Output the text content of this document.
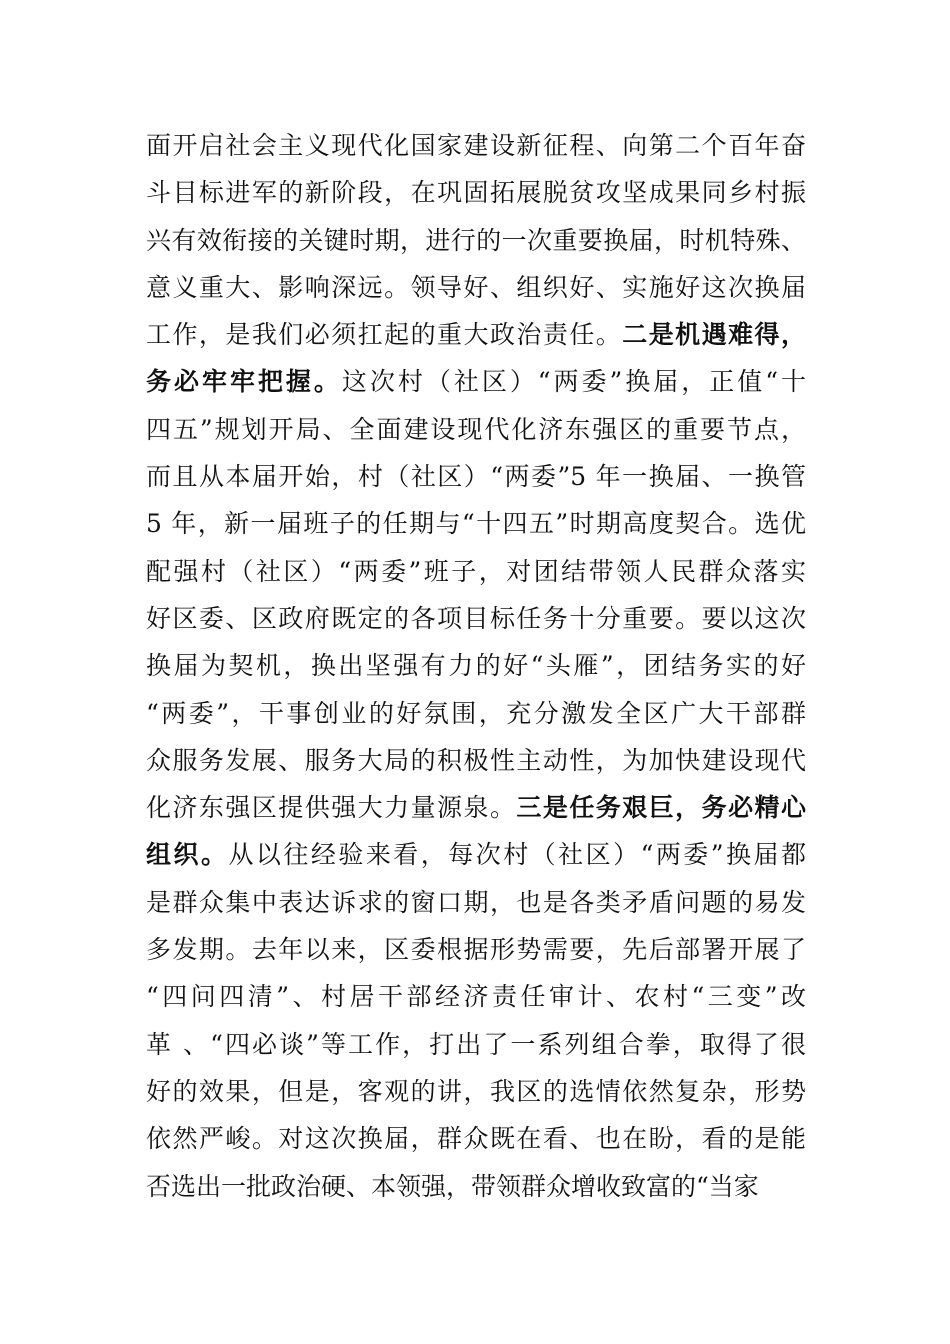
面开启社会主义现代化国家建设新征程、向第二个百年奋
斗目标进军的新阶段，在巩固拓展脱贫攻坚成果同乡村振
兴有效衔接的关键时期，进行的一次重要换届，时机特殊、
意义重大、影响深远。领导好、组织好、实施好这次换届
工作，是我们必须扛起的重大政治责任。二是机遇难得，
务必牢牢把握。这次村（社区）“两委”换届，正值“十
四五”规划开局、全面建设现代化济东强区的重要节点，
而且从本届开始，村（社区）“两委”5 年一换届、一换管
5 年，新一届班子的任期与“十四五”时期高度契合。选优
配强村（社区）“两委”班子，对团结带领人民群众落实
好区委、区政府既定的各项目标任务十分重要。要以这次
换届为契机，换出坚强有力的好“头雁”，团结务实的好
“两委”，干事创业的好氛围，充分激发全区广大干部群
众服务发展、服务大局的积极性主动性，为加快建设现代
化济东强区提供强大力量源泉。三是任务艰巨，务必精心
组织。从以往经验来看，每次村（社区）“两委”换届都
是群众集中表达诉求的窗口期，也是各类矛盾问题的易发
多发期。去年以来，区委根据形势需要，先后部署开展了
“四问四清”、村居干部经济责任审计、农村“三变”改
革 、“四必谈”等工作，打出了一系列组合拳，取得了很
好的效果，但是，客观的讲，我区的选情依然复杂，形势
依然严峻。对这次换届，群众既在看、也在盼，看的是能
否选出一批政治硬、本领强，带领群众增收致富的“当家
